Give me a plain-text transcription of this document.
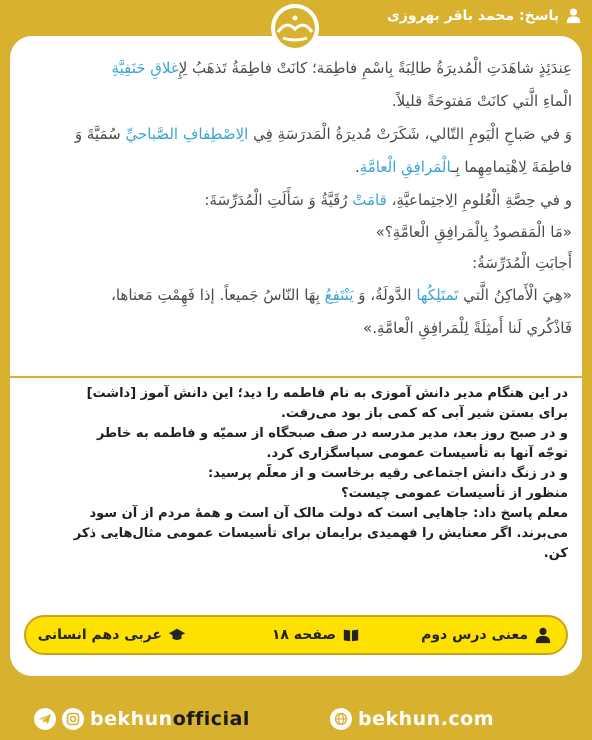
پاسخ: محمد باقر بهروزی

عِندَئِذٍ شاهَدَتِ الْمُديرَةُ طالِبَةً بِاسْمِ فاطِمَة؛ كانَتْ فاطِمَةُ تَذهَبُ لِإِغلاقِ حَنَفِيَّةِ

الْماءِ الَّتي كانَتْ مَفتوحَةً قليلاً.

وَ في صَباحِ الْيَومِ التّالي، شَكَرَتْ مُديرَةُ الْمَدرَسَةِ فِي الِاصْطِفافِ الصَّباحيِّ سُمَيَّةَ وَ

فاطِمَةَ لِاهْتِمامِهِما بِـالْمَرافِقِ الْعامَّةِ.

و في حِصَّةِ الْعُلومِ الِاجتِماعيَّةِ، قامَتْ رُقَيَّةُ وَ سَأَلَتِ الْمُدَرِّسَةَ:

«مَا الْمَقصودُ بِالْمَرافِقِ الْعامَّةِ؟»

أَجابَتِ الْمُدَرِّسَةُ:

«هِيَ الْأَماكِنُ الَّتي تَمتَلِكُها الدَّولَةُ، وَ يَنْتَفِعُ بِهَا النّاسُ جَميعاً. إذا فَهِمْتِ مَعناها،

فَاذْكُري لَنا أَمثِلَةً لِلْمَرافِقِ الْعامَّةِ.»

در این هنگام مدیر دانش آموزی به نام فاطمه را دید؛ این دانش آموز [داشت]

برای بستن شیر آبی که کمی باز بود می‌رفت.

و در صبح روز بعد، مدیر مدرسه در صف صبحگاه از سميّه و فاطمه به خاطر

توجّه آنها به تأسیسات عمومی سپاسگزاری کرد.

و در زنگ دانش اجتماعی رقیه برخاست و از معلّم پرسید:

منظور از تأسیسات عمومی چیست؟

معلم پاسخ داد: جاهایی است که دولت مالک آن است و همهٔ مردم از آن سود

می‌برند. اگر معنایش را فهمیدی برایمان برای تأسیسات عمومی مثال‌هایی ذکر

کن.

معنی درس دوم
صفحه ۱۸
عربی دهم انسانی
bekhunofficial	bekhun.com
